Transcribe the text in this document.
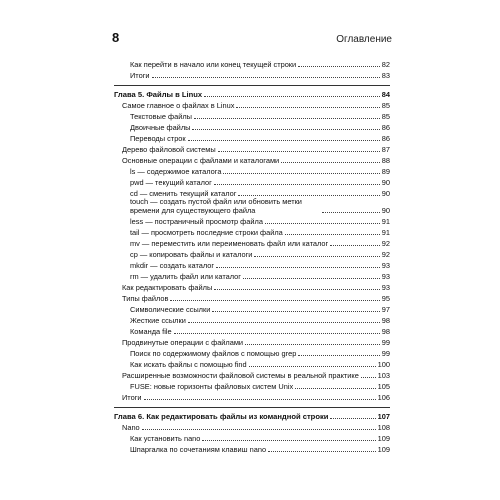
8	Оглавление
Как перейти в начало или конец текущей строки	82
Итоги	83
Глава 5. Файлы в Linux	84
Самое главное о файлах в Linux	85
Текстовые файлы	85
Двоичные файлы	86
Переводы строк	86
Дерево файловой системы	87
Основные операции с файлами и каталогами	88
ls — содержимое каталога	89
pwd — текущий каталог	90
cd — сменить текущий каталог	90
touch — создать пустой файл или обновить метки времени для существующего файла	90
less — постраничный просмотр файла	91
tail — просмотреть последние строки файла	91
mv — переместить или переименовать файл или каталог	92
cp — копировать файлы и каталоги	92
mkdir — создать каталог	93
rm — удалить файл или каталог	93
Как редактировать файлы	93
Типы файлов	95
Символические ссылки	97
Жесткие ссылки	98
Команда file	98
Продвинутые операции с файлами	99
Поиск по содержимому файлов с помощью grep	99
Как искать файлы с помощью find	100
Расширенные возможности файловой системы в реальной практике	103
FUSE: новые горизонты файловых систем Unix	105
Итоги	106
Глава 6. Как редактировать файлы из командной строки	107
Nano	108
Как установить nano	109
Шпаргалка по сочетаниям клавиш nano	109
